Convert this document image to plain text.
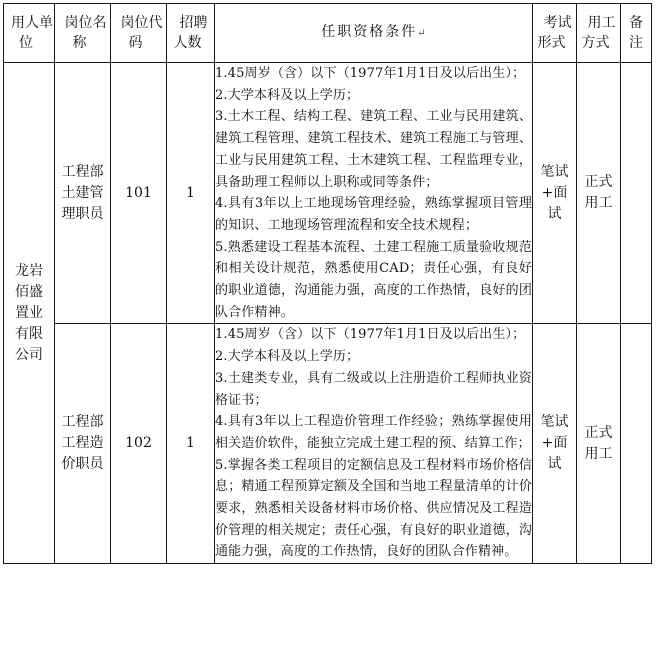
用人单位	岗位名称	岗位代码	招聘人数	任职资格条件↵	考试形式	用工方式	备注
龙岩佰盛置业有限公司	工程部土建管理职员	101	1	1.45周岁（含）以下（1977年1月1日及以后出生）；
2.大学本科及以上学历；
3.土木工程、结构工程、建筑工程、工业与民用建筑、建筑工程管理、建筑工程技术、建筑工程施工与管理、工业与民用建筑工程、土木建筑工程、工程监理专业，具备助理工程师以上职称或同等条件；
4.具有3年以上工地现场管理经验，熟练掌握项目管理的知识、工地现场管理流程和安全技术规程；
5.熟悉建设工程基本流程、土建工程施工质量验收规范和相关设计规范，熟悉使用CAD；责任心强，有良好的职业道德，沟通能力强，高度的工作热情，良好的团队合作精神。	笔试+面试	正式用工	
	工程部工程造价职员	102	1	1.45周岁（含）以下（1977年1月1日及以后出生）；
2.大学本科及以上学历；
3.土建类专业，具有二级或以上注册造价工程师执业资格证书；
4.具有3年以上工程造价管理工作经验；熟练掌握使用相关造价软件，能独立完成土建工程的预、结算工作；
5.掌握各类工程项目的定额信息及工程材料市场价格信息；精通工程预算定额及全国和当地工程量清单的计价要求，熟悉相关设备材料市场价格、供应情况及工程造价管理的相关规定；责任心强，有良好的职业道德，沟通能力强，高度的工作热情，良好的团队合作精神。	笔试+面试	正式用工	
